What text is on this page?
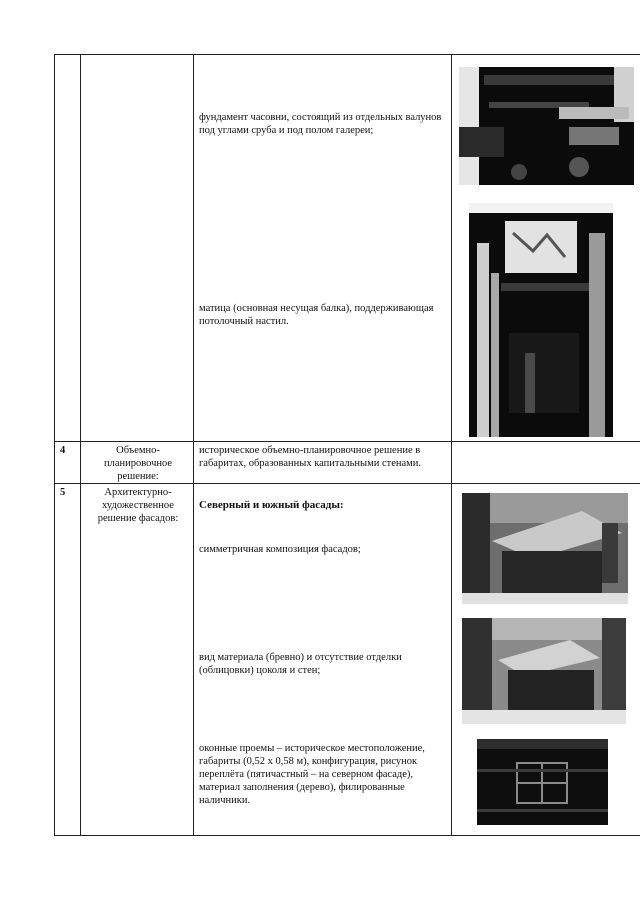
фундамент часовни, состоящий из отдельных валунов под углами сруба и под полом галереи;
матица (основная несущая балка), поддерживающая потолочный настил.
4	Объемно-планировочное решение:
историческое объемно-планировочное решение в габаритах, образованных капитальными стенами.
5	Архитектурно-художественное решение фасадов:
Северный и южный фасады:
симметричная композиция фасадов;
вид материала (бревно) и отсутствие отделки (облицовки) цоколя и стен;
оконные проемы – историческое местоположение, габариты (0,52 х 0,58 м), конфигурация, рисунок переплёта (пятичастный – на северном фасаде), материал заполнения (дерево), филированные наличники.
